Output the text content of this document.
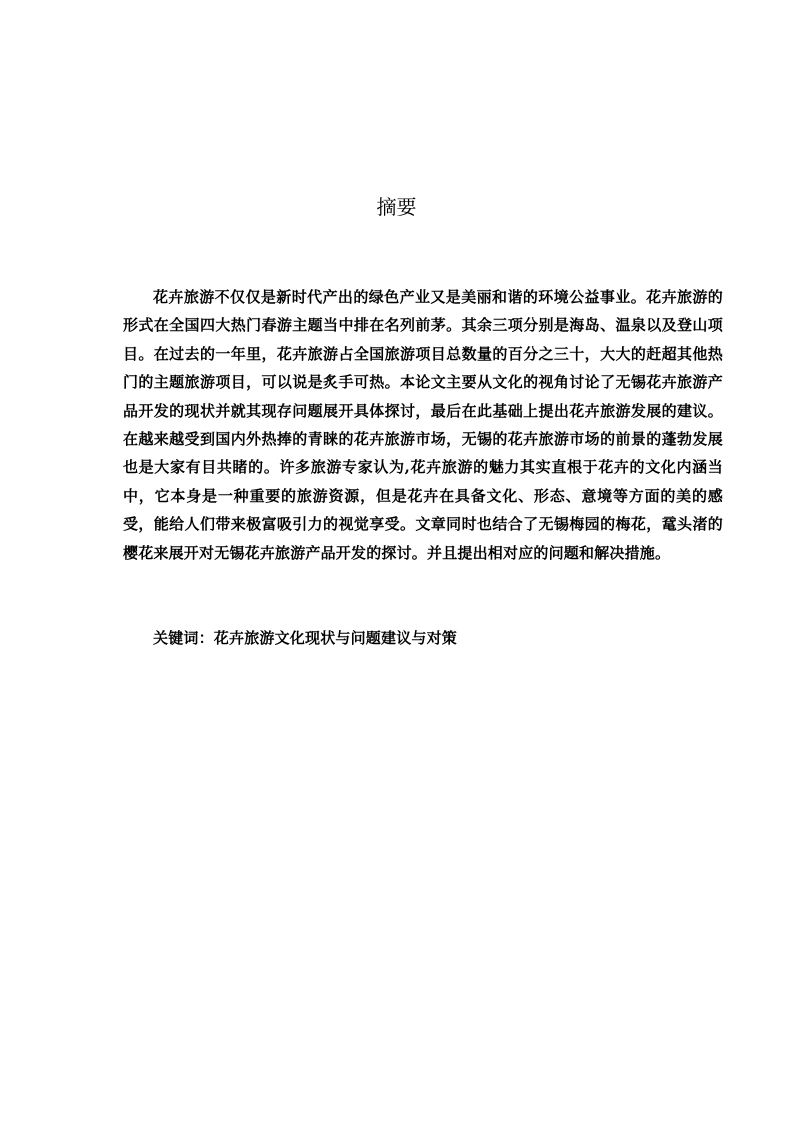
摘要

花卉旅游不仅仅是新时代产出的绿色产业又是美丽和谐的环境公益事业。花卉旅游的形式在全国四大热门春游主题当中排在名列前茅。其余三项分别是海岛、温泉以及登山项目。在过去的一年里，花卉旅游占全国旅游项目总数量的百分之三十，大大的赶超其他热门的主题旅游项目，可以说是炙手可热。本论文主要从文化的视角讨论了无锡花卉旅游产品开发的现状并就其现存问题展开具体探讨，最后在此基础上提出花卉旅游发展的建议。在越来越受到国内外热捧的青睐的花卉旅游市场，无锡的花卉旅游市场的前景的蓬勃发展也是大家有目共睹的。许多旅游专家认为,花卉旅游的魅力其实直根于花卉的文化内涵当中，它本身是一种重要的旅游资源，但是花卉在具备文化、形态、意境等方面的美的感受，能给人们带来极富吸引力的视觉享受。文章同时也结合了无锡梅园的梅花，鼋头渚的樱花来展开对无锡花卉旅游产品开发的探讨。并且提出相对应的问题和解决措施。

关键词：花卉旅游文化现状与问题建议与对策
